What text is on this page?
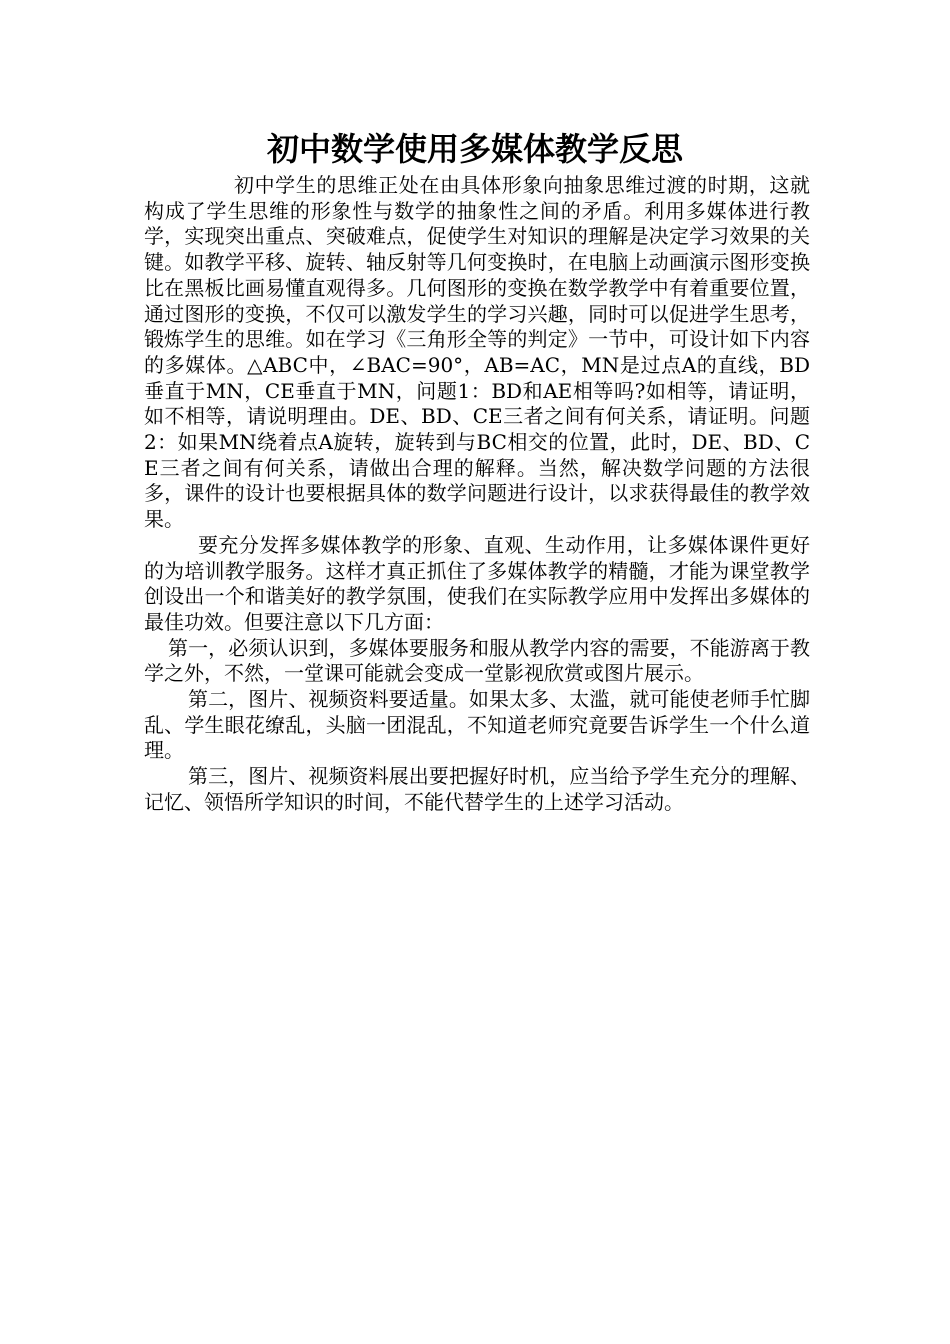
初中数学使用多媒体教学反思

初中学生的思维正处在由具体形象向抽象思维过渡的时期，这就构成了学生思维的形象性与数学的抽象性之间的矛盾。利用多媒体进行教学，实现突出重点、突破难点，促使学生对知识的理解是决定学习效果的关键。如教学平移、旋转、轴反射等几何变换时，在电脑上动画演示图形变换比在黑板比画易懂直观得多。几何图形的变换在数学教学中有着重要位置，通过图形的变换，不仅可以激发学生的学习兴趣，同时可以促进学生思考，锻炼学生的思维。如在学习《三角形全等的判定》一节中，可设计如下内容的多媒体。△ABC中，∠BAC=90°，AB=AC，MN是过点A的直线，BD垂直于MN，CE垂直于MN，问题1：BD和AE相等吗?如相等，请证明，如不相等，请说明理由。DE、BD、CE三者之间有何关系，请证明。问题2：如果MN绕着点A旋转，旋转到与BC相交的位置，此时，DE、BD、CE三者之间有何关系，请做出合理的解释。当然，解决数学问题的方法很多，课件的设计也要根据具体的数学问题进行设计，以求获得最佳的教学效果。

要充分发挥多媒体教学的形象、直观、生动作用，让多媒体课件更好的为培训教学服务。这样才真正抓住了多媒体教学的精髓，才能为课堂教学创设出一个和谐美好的教学氛围，使我们在实际教学应用中发挥出多媒体的最佳功效。但要注意以下几方面：

第一，必须认识到，多媒体要服务和服从教学内容的需要，不能游离于教学之外，不然，一堂课可能就会变成一堂影视欣赏或图片展示。

第二，图片、视频资料要适量。如果太多、太滥，就可能使老师手忙脚乱、学生眼花缭乱，头脑一团混乱，不知道老师究竟要告诉学生一个什么道理。

第三，图片、视频资料展出要把握好时机，应当给予学生充分的理解、记忆、领悟所学知识的时间，不能代替学生的上述学习活动。
